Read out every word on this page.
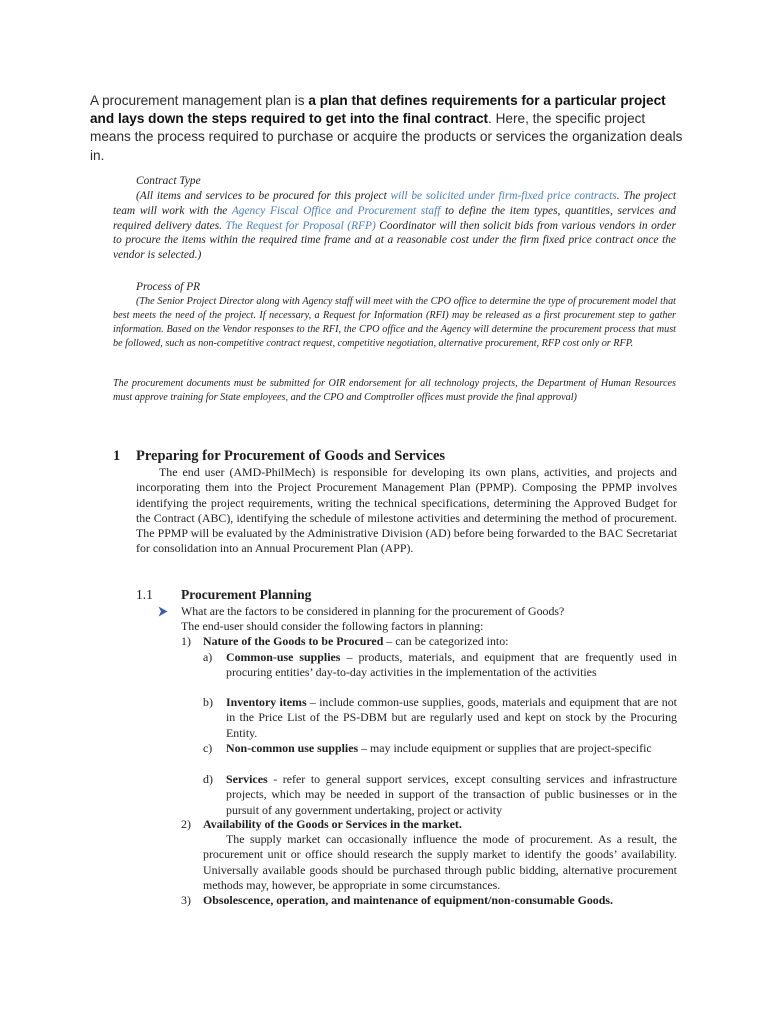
A procurement management plan is a plan that defines requirements for a particular project and lays down the steps required to get into the final contract. Here, the specific project means the process required to purchase or acquire the products or services the organization deals in.

Contract Type

(All items and services to be procured for this project will be solicited under firm-fixed price contracts. The project team will work with the Agency Fiscal Office and Procurement staff to define the item types, quantities, services and required delivery dates. The Request for Proposal (RFP) Coordinator will then solicit bids from various vendors in order to procure the items within the required time frame and at a reasonable cost under the firm fixed price contract once the vendor is selected.)

Process of PR

(The Senior Project Director along with Agency staff will meet with the CPO office to determine the type of procurement model that best meets the need of the project. If necessary, a Request for Information (RFI) may be released as a first procurement step to gather information. Based on the Vendor responses to the RFI, the CPO office and the Agency will determine the procurement process that must be followed, such as non-competitive contract request, competitive negotiation, alternative procurement, RFP cost only or RFP.

The procurement documents must be submitted for OIR endorsement for all technology projects, the Department of Human Resources must approve training for State employees, and the CPO and Comptroller offices must provide the final approval)

1 Preparing for Procurement of Goods and Services

The end user (AMD-PhilMech) is responsible for developing its own plans, activities, and projects and incorporating them into the Project Procurement Management Plan (PPMP). Composing the PPMP involves identifying the project requirements, writing the technical specifications, determining the Approved Budget for the Contract (ABC), identifying the schedule of milestone activities and determining the method of procurement. The PPMP will be evaluated by the Administrative Division (AD) before being forwarded to the BAC Secretariat for consolidation into an Annual Procurement Plan (APP).

1.1 Procurement Planning
What are the factors to be considered in planning for the procurement of Goods?
The end-user should consider the following factors in planning:
1) Nature of the Goods to be Procured – can be categorized into:
a) Common-use supplies – products, materials, and equipment that are frequently used in procuring entities’ day-to-day activities in the implementation of the activities
b) Inventory items – include common-use supplies, goods, materials and equipment that are not in the Price List of the PS-DBM but are regularly used and kept on stock by the Procuring Entity.
c) Non-common use supplies – may include equipment or supplies that are project-specific
d) Services - refer to general support services, except consulting services and infrastructure projects, which may be needed in support of the transaction of public businesses or in the pursuit of any government undertaking, project or activity
2) Availability of the Goods or Services in the market.

The supply market can occasionally influence the mode of procurement. As a result, the procurement unit or office should research the supply market to identify the goods’ availability. Universally available goods should be purchased through public bidding, alternative procurement methods may, however, be appropriate in some circumstances.

3) Obsolescence, operation, and maintenance of equipment/non-consumable Goods.
